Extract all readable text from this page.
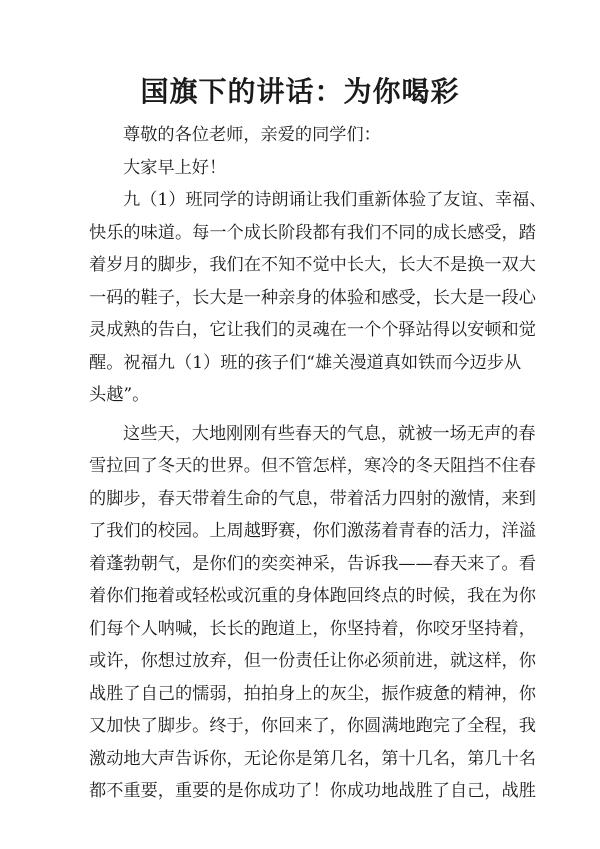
国旗下的讲话：为你喝彩
尊敬的各位老师，亲爱的同学们：
大家早上好！
九（1）班同学的诗朗诵让我们重新体验了友谊、幸福、
快乐的味道。每一个成长阶段都有我们不同的成长感受，踏
着岁月的脚步，我们在不知不觉中长大，长大不是换一双大
一码的鞋子，长大是一种亲身的体验和感受，长大是一段心
灵成熟的告白，它让我们的灵魂在一个个驿站得以安顿和觉
醒。祝福九（1）班的孩子们“雄关漫道真如铁而今迈步从
头越”。
这些天，大地刚刚有些春天的气息，就被一场无声的春
雪拉回了冬天的世界。但不管怎样，寒冷的冬天阻挡不住春
的脚步，春天带着生命的气息，带着活力四射的激情，来到
了我们的校园。上周越野赛，你们激荡着青春的活力，洋溢
着蓬勃朝气，是你们的奕奕神采，告诉我——春天来了。看
着你们拖着或轻松或沉重的身体跑回终点的时候，我在为你
们每个人呐喊，长长的跑道上，你坚持着，你咬牙坚持着，
或许，你想过放弃，但一份责任让你必须前进，就这样，你
战胜了自己的懦弱，拍拍身上的灰尘，振作疲惫的精神，你
又加快了脚步。终于，你回来了，你圆满地跑完了全程，我
激动地大声告诉你，无论你是第几名，第十几名，第几十名
都不重要，重要的是你成功了！你成功地战胜了自己，战胜
